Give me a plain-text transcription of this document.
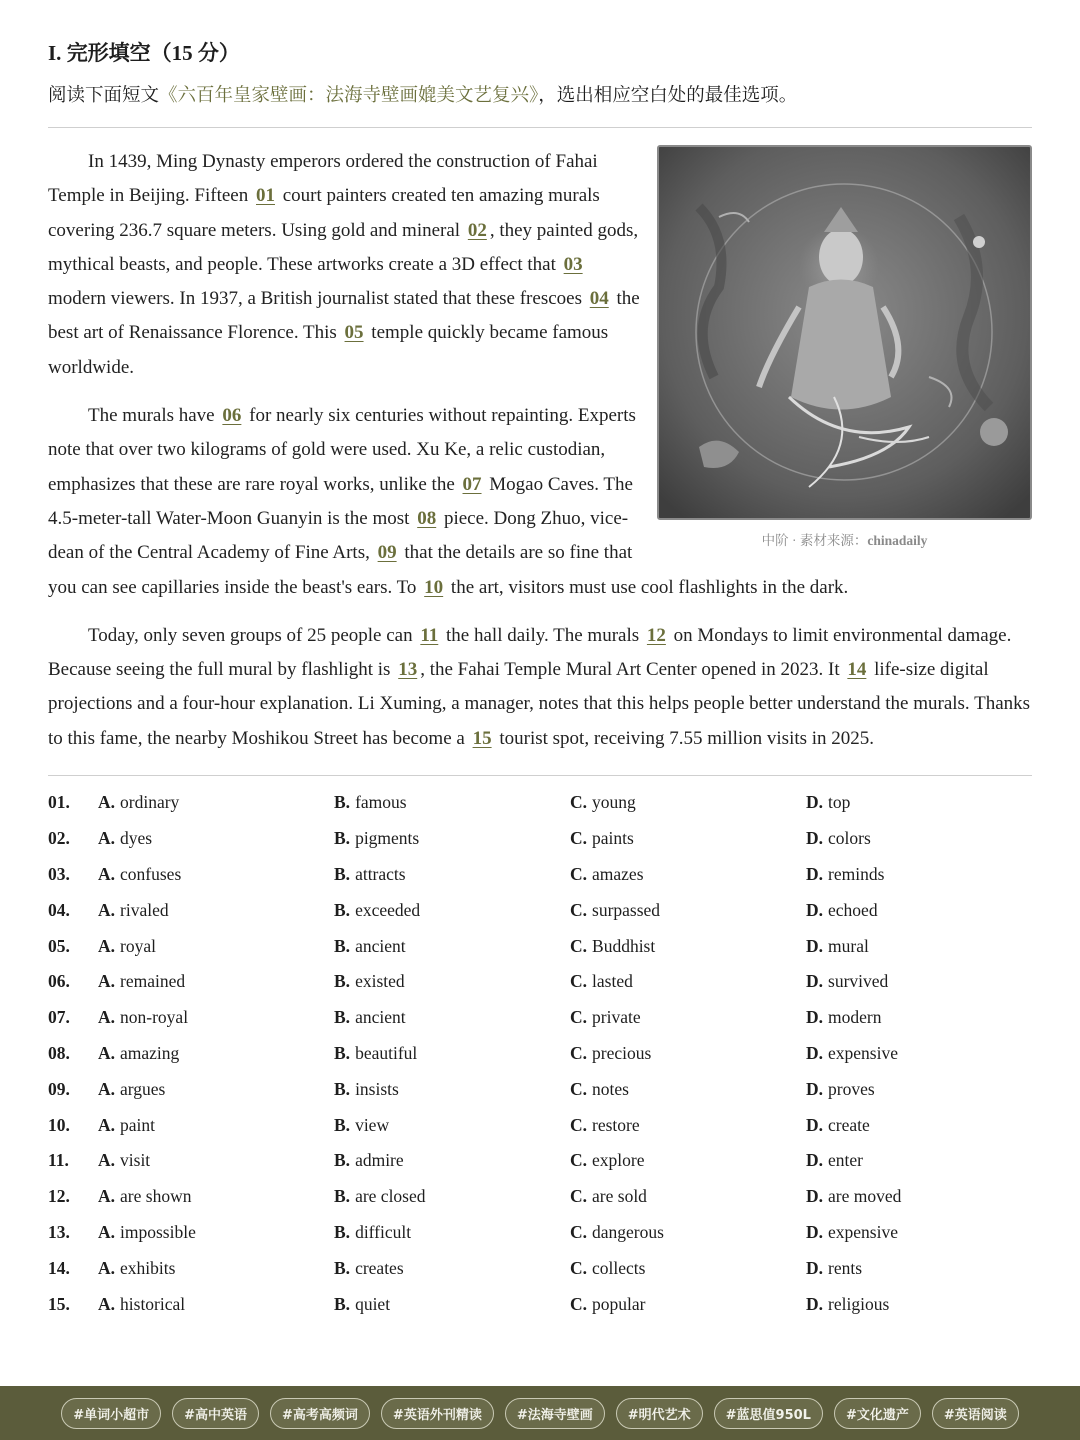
I. 完形填空（15 分）
阅读下面短文《六百年皇家壁画：法海寺壁画媲美文艺复兴》，选出相应空白处的最佳选项。
中阶 · 素材来源：chinadaily

In 1439, Ming Dynasty emperors ordered the construction of Fahai Temple in Beijing. Fifteen 01 court painters created ten amazing murals covering 236.7 square meters. Using gold and mineral 02 , they painted gods, mythical beasts, and people. These artworks create a 3D effect that 03 modern viewers. In 1937, a British journalist stated that these frescoes 04 the best art of Renaissance Florence. This 05 temple quickly became famous worldwide.

The murals have 06 for nearly six centuries without repainting. Experts note that over two kilograms of gold were used. Xu Ke, a relic custodian, emphasizes that these are rare royal works, unlike the 07 Mogao Caves. The 4.5-meter-tall Water-Moon Guanyin is the most 08 piece. Dong Zhuo, vice-dean of the Central Academy of Fine Arts, 09 that the details are so fine that you can see capillaries inside the beast's ears. To 10 the art, visitors must use cool flashlights in the dark.

Today, only seven groups of 25 people can 11 the hall daily. The murals 12 on Mondays to limit environmental damage. Because seeing the full mural by flashlight is 13 , the Fahai Temple Mural Art Center opened in 2023. It 14 life-size digital projections and a four-hour explanation. Li Xuming, a manager, notes that this helps people better understand the murals. Thanks to this fame, the nearby Moshikou Street has become a 15 tourist spot, receiving 7.55 million visits in 2025.

01.	A. ordinary	B. famous	C. young	D. top
02.	A. dyes	B. pigments	C. paints	D. colors
03.	A. confuses	B. attracts	C. amazes	D. reminds
04.	A. rivaled	B. exceeded	C. surpassed	D. echoed
05.	A. royal	B. ancient	C. Buddhist	D. mural
06.	A. remained	B. existed	C. lasted	D. survived
07.	A. non-royal	B. ancient	C. private	D. modern
08.	A. amazing	B. beautiful	C. precious	D. expensive
09.	A. argues	B. insists	C. notes	D. proves
10.	A. paint	B. view	C. restore	D. create
11.	A. visit	B. admire	C. explore	D. enter
12.	A. are shown	B. are closed	C. are sold	D. are moved
13.	A. impossible	B. difficult	C. dangerous	D. expensive
14.	A. exhibits	B. creates	C. collects	D. rents
15.	A. historical	B. quiet	C. popular	D. religious
#单词小超市	#高中英语	#高考高频词	#英语外刊精读	#法海寺壁画	#明代艺术	#蓝思值950L	#文化遗产	#英语阅读
